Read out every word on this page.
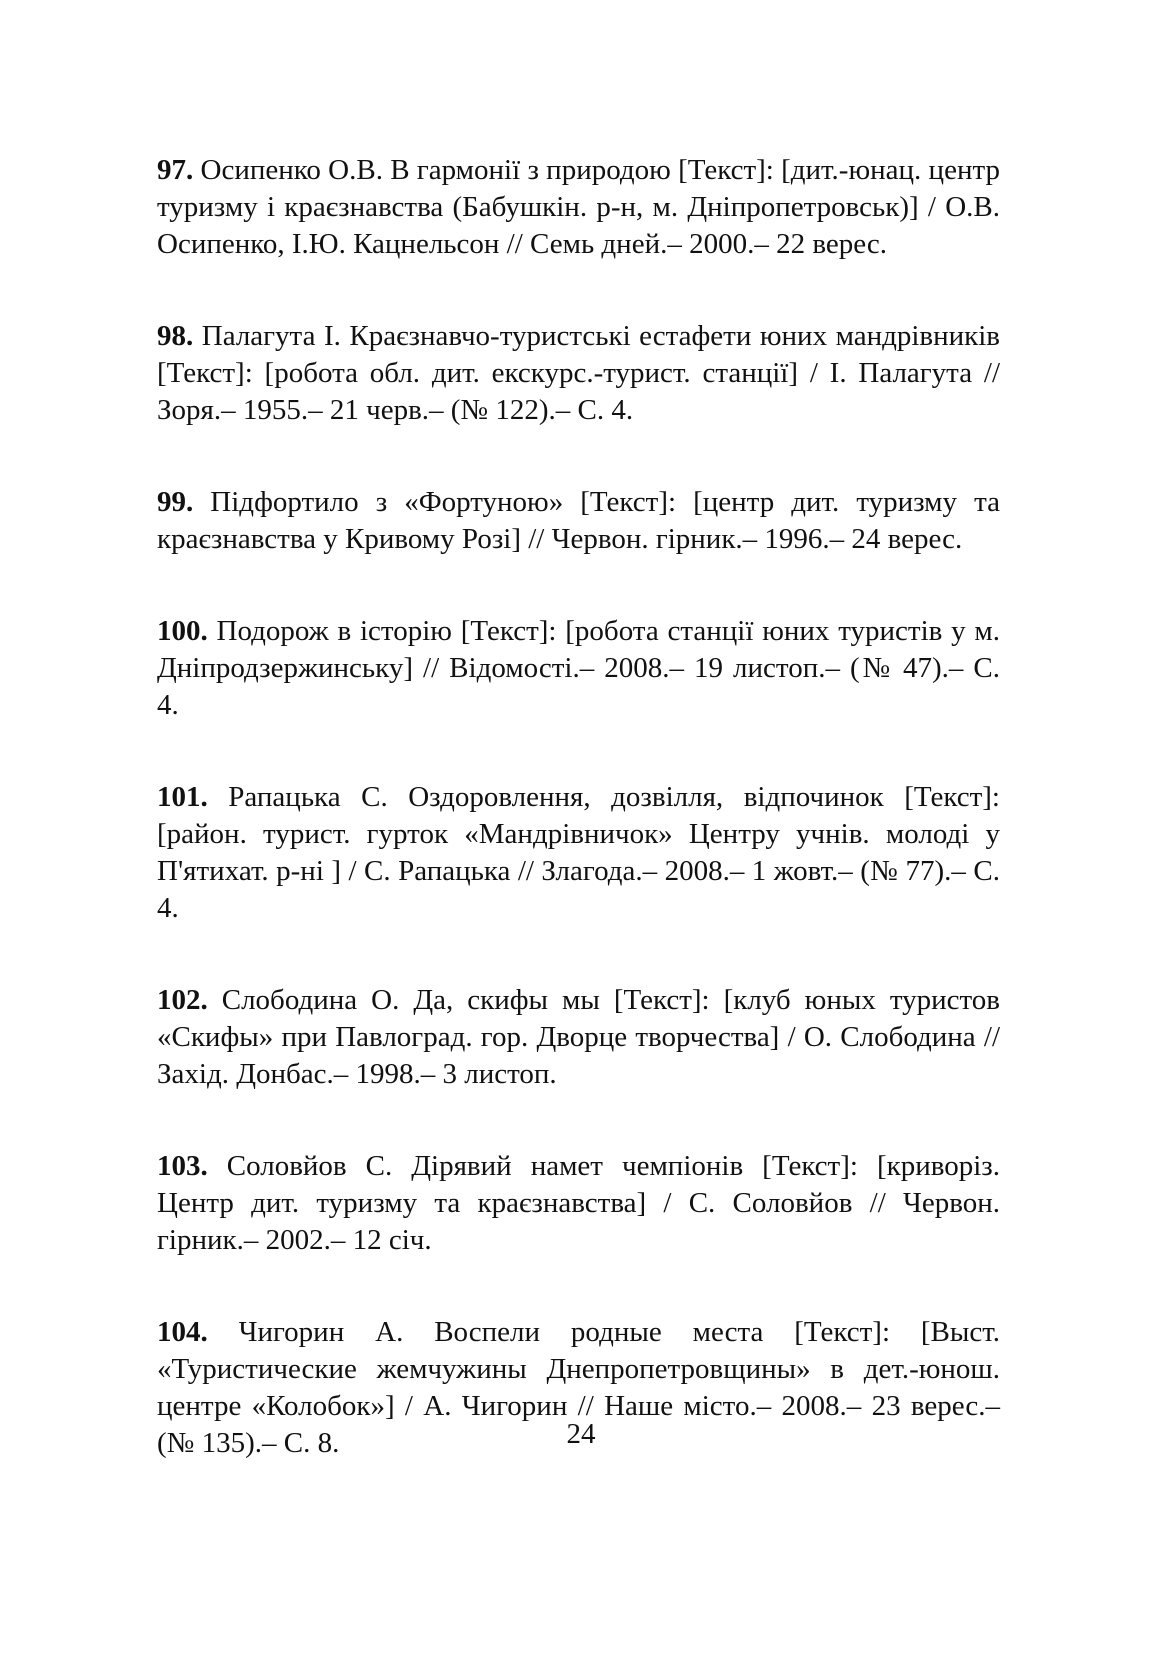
97. Осипенко О.В. В гармонії з природою [Текст]: [дит.-юнац. центр туризму і краєзнавства (Бабушкін. р-н, м. Дніпропетровськ)] / О.В. Осипенко, І.Ю. Кацнельсон // Семь дней.– 2000.– 22 верес.

98. Палагута І. Краєзнавчо-туристські естафети юних мандрівників [Текст]: [робота обл. дит. екскурс.-турист. станції] / І. Палагута // Зоря.– 1955.– 21 черв.– (№ 122).– С. 4.

99. Підфортило з «Фортуною» [Текст]: [центр дит. туризму та краєзнавства у Кривому Розі] // Червон. гірник.– 1996.– 24 верес.

100. Подорож в історію [Текст]: [робота станції юних туристів у м. Дніпродзержинську] // Відомості.– 2008.– 19 листоп.– (№ 47).– С. 4.

101. Рапацька С. Оздоровлення, дозвілля, відпочинок [Текст]: [район. турист. гурток «Мандрівничок» Центру учнів. молоді у П'ятихат. р-ні ] / С. Рапацька // Злагода.– 2008.– 1 жовт.– (№ 77).– С. 4.

102. Слободина О. Да, скифы мы [Текст]: [клуб юных туристов «Скифы» при Павлоград. гор. Дворце творчества] / О. Слободина // Захід. Донбас.– 1998.– 3 листоп.

103. Соловйов С. Дірявий намет чемпіонів [Текст]: [криворіз. Центр дит. туризму та краєзнавства] / С. Соловйов // Червон. гірник.– 2002.– 12 січ.

104. Чигорин А. Воспели родные места [Текст]: [Выст. «Туристические жемчужины Днепропетровщины» в дет.-юнош. центре «Колобок»] / А. Чигорин // Наше місто.– 2008.– 23 верес.– (№ 135).– С. 8.	24
